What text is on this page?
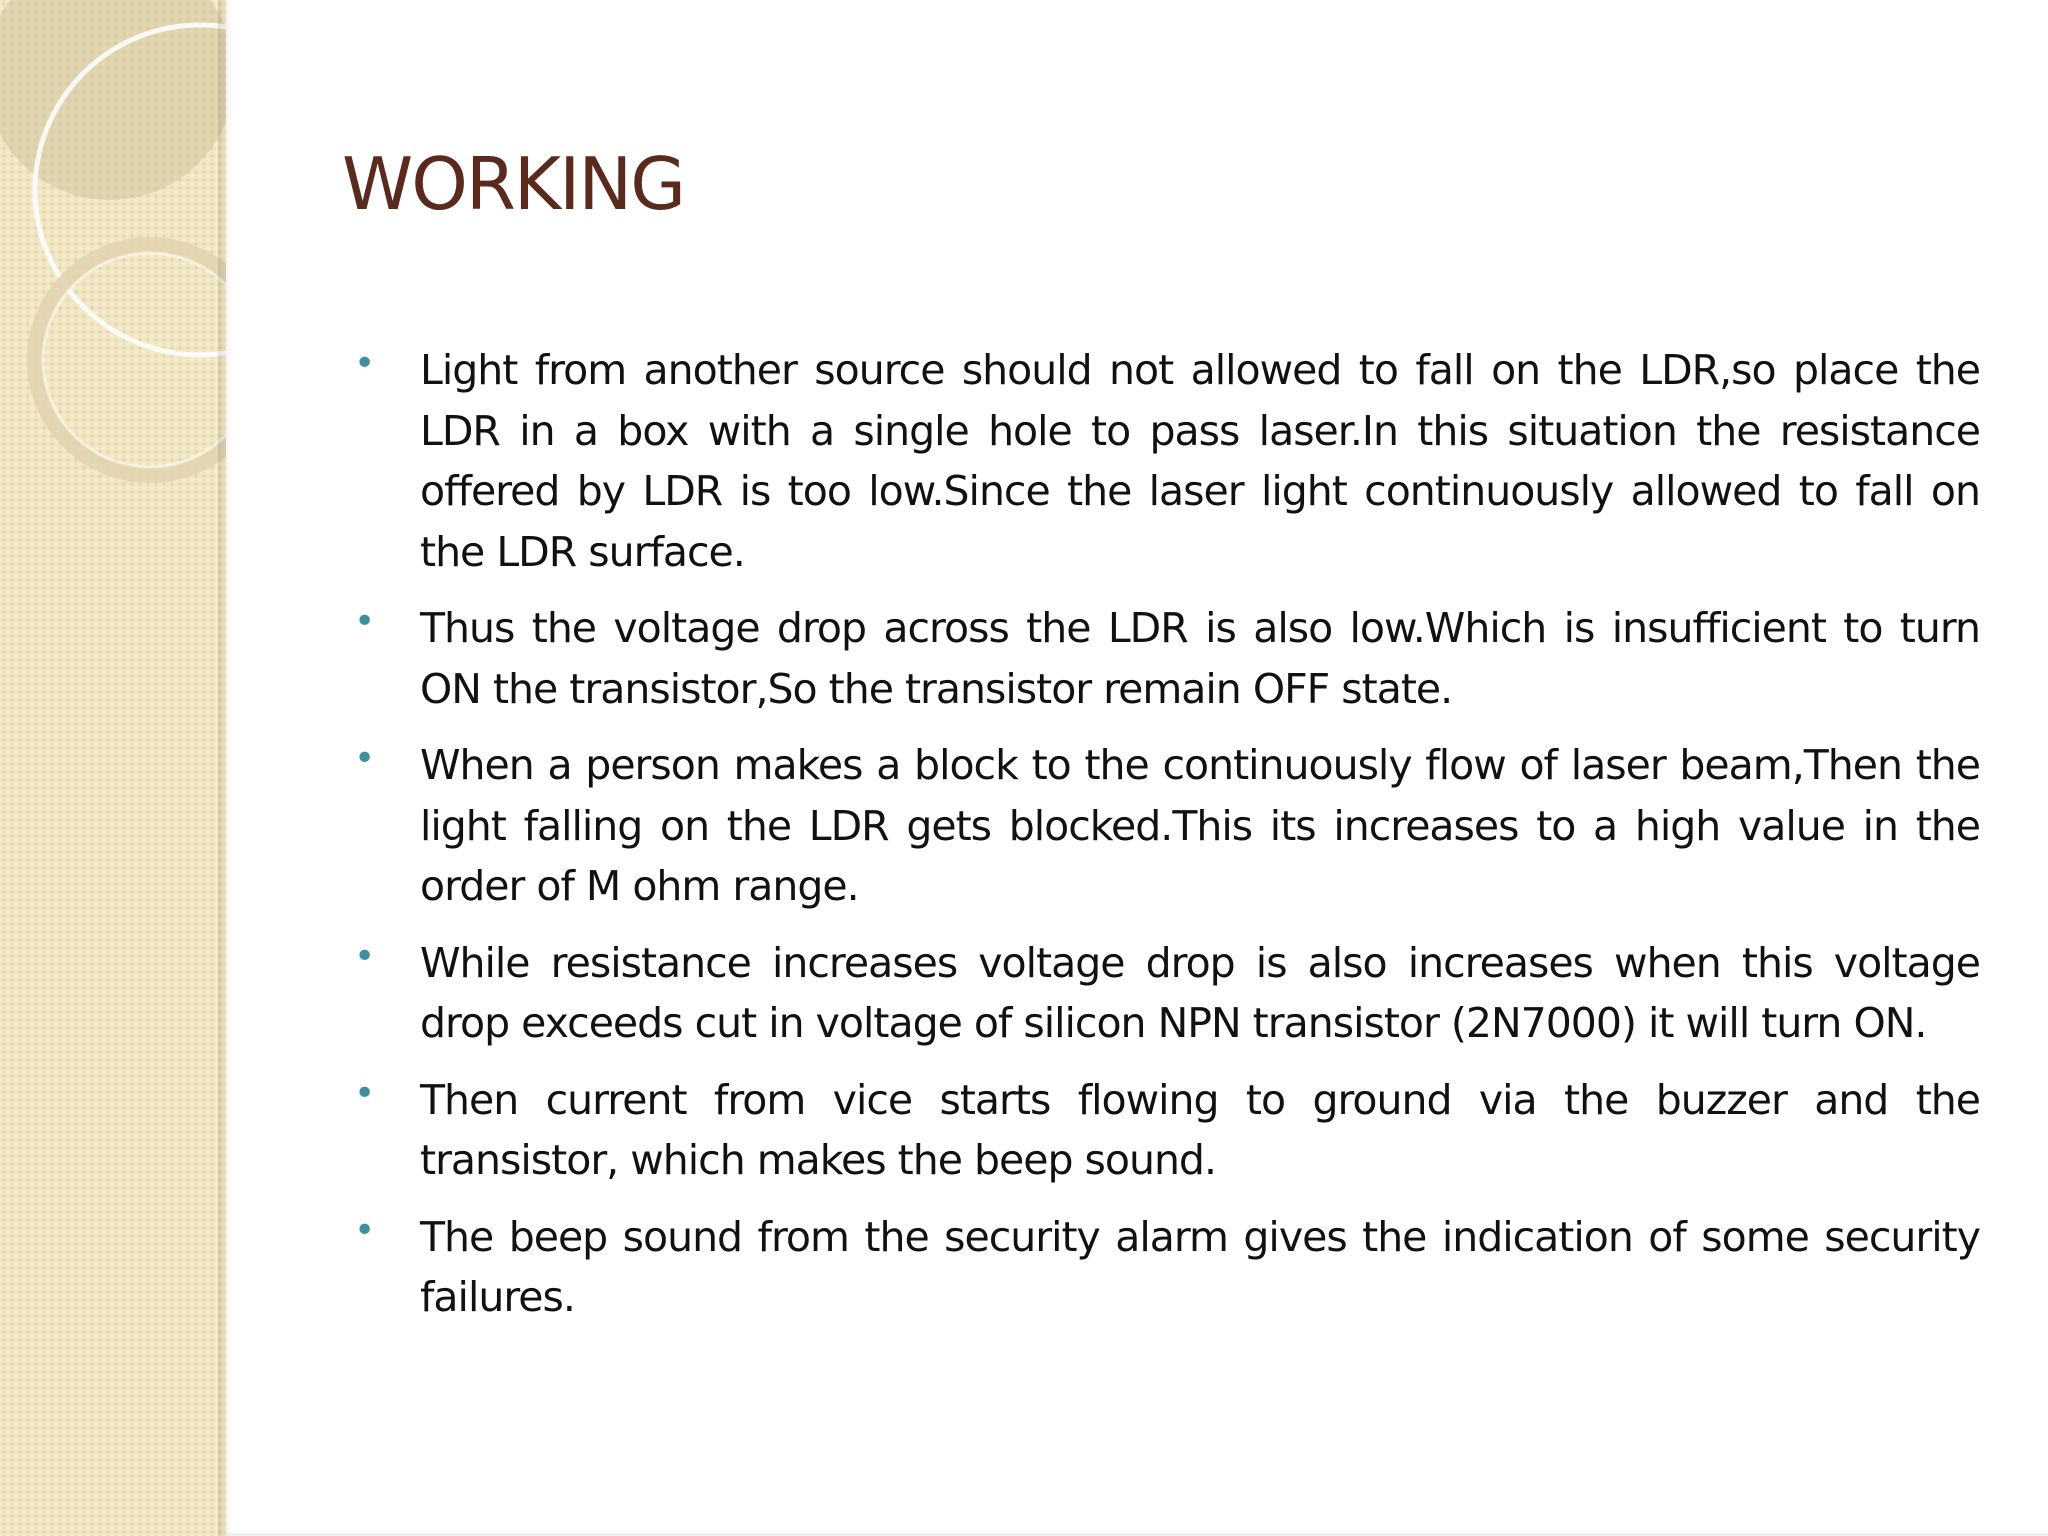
WORKING
• Light from another source should not allowed to fall on the LDR,so place the LDR in a box with a single hole to pass laser.In this situation the resistance offered by LDR is too low.Since the laser light continuously allowed to fall on the LDR surface.
• Thus the voltage drop across the LDR is also low.Which is insufficient to turn ON the transistor,So the transistor remain OFF state.
• When a person makes a block to the continuously flow of laser beam,Then the light falling on the LDR gets blocked.This its increases to a high value in the order of M ohm range.
• While resistance increases voltage drop is also increases when this voltage drop exceeds cut in voltage of silicon NPN transistor (2N7000) it will turn ON.
• Then current from vice starts flowing to ground via the buzzer and the transistor, which makes the beep sound.
• The beep sound from the security alarm gives the indication of some security failures.
